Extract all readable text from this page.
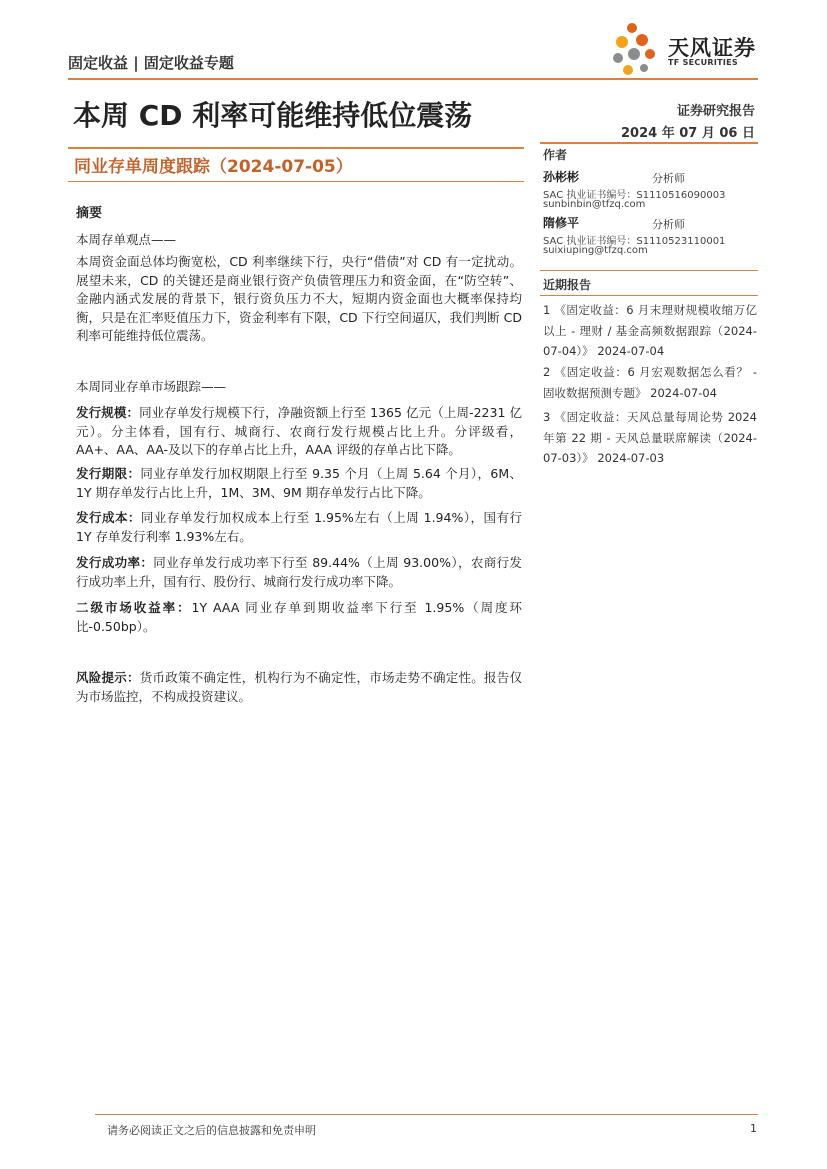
固定收益 | 固定收益专题
天风证券
TF SECURITIES
本周 CD 利率可能维持低位震荡	证券研究报告
2024 年 07 月 06 日
同业存单周度跟踪（2024-07-05）
作者
孙彬彬	分析师
SAC 执业证书编号：S1110516090003
sunbinbin@tfzq.com
隋修平	分析师
SAC 执业证书编号：S1110523110001
suixiuping@tfzq.com
近期报告
1 《固定收益：6 月末理财规模收缩万亿以上 - 理财 / 基金高频数据跟踪（2024-07-04）》 2024-07-04
2 《固定收益：6 月宏观数据怎么看？ - 固收数据预测专题》 2024-07-04
3 《固定收益：天风总量每周论势 2024 年第 22 期 - 天风总量联席解读（2024-07-03）》 2024-07-03
摘要
本周存单观点——
本周资金面总体均衡宽松，CD 利率继续下行，央行“借债”对 CD 有一定扰动。展望未来，CD 的关键还是商业银行资产负债管理压力和资金面，在“防空转”、金融内涵式发展的背景下，银行资负压力不大，短期内资金面也大概率保持均衡，只是在汇率贬值压力下，资金利率有下限，CD 下行空间逼仄，我们判断 CD 利率可能维持低位震荡。
本周同业存单市场跟踪——
发行规模：同业存单发行规模下行，净融资额上行至 1365 亿元（上周-2231 亿元）。分主体看，国有行、城商行、农商行发行规模占比上升。分评级看，AA+、AA、AA-及以下的存单占比上升，AAA 评级的存单占比下降。
发行期限：同业存单发行加权期限上行至 9.35 个月（上周 5.64 个月），6M、1Y 期存单发行占比上升，1M、3M、9M 期存单发行占比下降。
发行成本：同业存单发行加权成本上行至 1.95%左右（上周 1.94%），国有行 1Y 存单发行利率 1.93%左右。
发行成功率：同业存单发行成功率下行至 89.44%（上周 93.00%），农商行发行成功率上升，国有行、股份行、城商行发行成功率下降。
二级市场收益率：1Y AAA 同业存单到期收益率下行至 1.95%（周度环比-0.50bp）。
风险提示：货币政策不确定性，机构行为不确定性，市场走势不确定性。报告仅为市场监控，不构成投资建议。
请务必阅读正文之后的信息披露和免责申明	1
